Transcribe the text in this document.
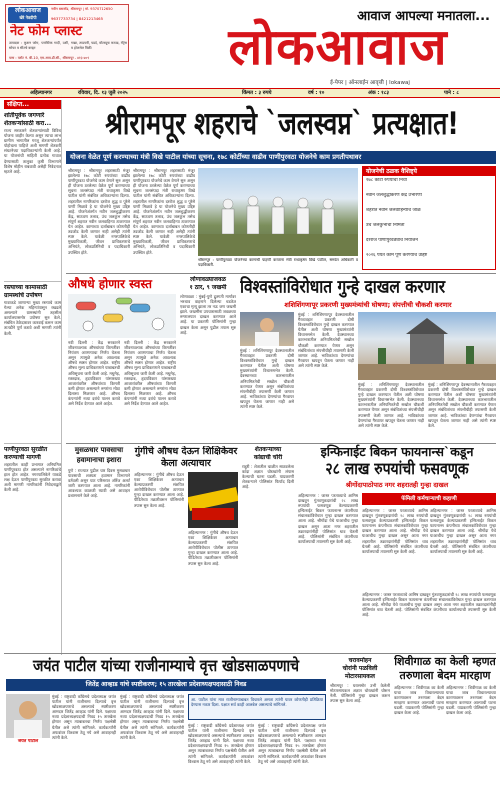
लोकआवाज
खेरे नेत्रदीपी
नवीन बसस्टँड, श्रीरामपूर | मो. 9370712650
9637733734 | 8421213465
नेट फोम प्लास्ट
उत्पादक : कुशन फोम, प्लास्टिक गादी, उशी, सोफा व सीटचे कव्हर
गाद्या, ताडपत्री, पडदे, वॉटरप्रूफ कापड, मॅट्रेस व होलसेल विक्री
पत्ता : प्लॉट नं. बी-10, एम.आय.डी.सी., श्रीरामपूर - ४१३ ७०९
आवाज आपल्या मनातला...
लोकआवाज
ई-पेपर | ऑनलाईन आवृत्ती | lokawaj
अहिल्यानगर	रविवार, दि. १३ जुलै २०२५	किंमत : ३ रुपये	वर्ष : १०	अंक : १८३	पाने : ८
संक्षिप्त...
शांतीपूर्वक जगणारे
शेतकऱ्यांसाठी करा...
राज्य सरकारने शेतकऱ्यांसाठी विविध योजना जाहीर केल्या असून त्याचा लाभ ग्रामीण भागातील गरजू शेतकऱ्यांपर्यंत पोहोचला पाहिजे अशी मागणी शेतकरी संघटनेच्या पदाधिकाऱ्यांनी केली आहे. या योजनांची माहिती प्रत्येक गावात देण्यासाठी तालुका कृषी विभागाने विशेष मोहीम राबवावी असेही निवेदनात म्हटले आहे.
रस्त्याच्या कामासाठी
ग्रामस्थांचे उपोषण
गावाकडे जाणाऱ्या मुख्य रस्त्याचे काम गेल्या अनेक महिन्यांपासून रखडले असल्याने ग्रामस्थांनी तहसील कार्यालयासमोर उपोषण सुरु केले. संबंधित ठेकेदारावर कारवाई करून काम तातडीने पूर्ण करावे अशी मागणी त्यांनी केली.
पाणीपुरवठा सुरळीत
करण्याची मागणी
शहरातील काही प्रभागात अनियमित पाणीपुरवठा होत असल्याने नागरिकांचे हाल होत आहेत. नगरपालिकेने याकडे लक्ष देऊन पाणीपुरवठा सुरळीत करावा अशी मागणी नागरिकांनी निवेदनाद्वारे केली आहे.
श्रीरामपूर शहराचे `जलस्वप्न` प्रत्यक्षात!
योजना वेळेत पूर्ण करण्याच्या मंत्री विखे पाटील यांच्या सूचना, १७८ कोटींच्या वाढीव पाणीपुरवठा योजनेचे काम प्रगतीपथावर
श्रीरामपूर : श्रीरामपूर शहरासाठी मंजूर झालेल्या १७८ कोटी रुपयांच्या वाढीव पाणीपुरवठा योजनेचे काम वेगाने सुरु असून ही योजना ठरलेल्या वेळेत पूर्ण करण्याच्या सूचना जलसंपदा मंत्री राधाकृष्ण विखे पाटील यांनी संबंधित अधिकाऱ्यांना दिल्या. शहरातील नागरिकांना दररोज शुद्ध व पुरेसे पाणी मिळावे हे या योजनेचे मुख्य उद्दिष्ट आहे. योजनेअंतर्गत नवीन जलशुद्धीकरण केंद्र, साठवण तलाव, उंच जलकुंभ तसेच संपूर्ण शहरात नवीन जलवाहिन्या टाकण्यात येत आहेत. कामाच्या दर्जाबाबत कोणतीही तडजोड केली जाणार नाही असेही त्यांनी स्पष्ट केले. यावेळी नगरपालिकेचे मुख्याधिकारी, जीवन प्राधिकरणाचे अभियंते, लोकप्रतिनिधी व पदाधिकारी उपस्थित होते.
श्रीरामपूर : श्रीरामपूर शहरासाठी मंजूर झालेल्या १७८ कोटी रुपयांच्या वाढीव पाणीपुरवठा योजनेचे काम वेगाने सुरु असून ही योजना ठरलेल्या वेळेत पूर्ण करण्याच्या सूचना जलसंपदा मंत्री राधाकृष्ण विखे पाटील यांनी संबंधित अधिकाऱ्यांना दिल्या. शहरातील नागरिकांना दररोज शुद्ध व पुरेसे पाणी मिळावे हे या योजनेचे मुख्य उद्दिष्ट आहे. योजनेअंतर्गत नवीन जलशुद्धीकरण केंद्र, साठवण तलाव, उंच जलकुंभ तसेच संपूर्ण शहरात नवीन जलवाहिन्या टाकण्यात येत आहेत. कामाच्या दर्जाबाबत कोणतीही तडजोड केली जाणार नाही असेही त्यांनी स्पष्ट केले. यावेळी नगरपालिकेचे मुख्याधिकारी, जीवन प्राधिकरणाचे अभियंते, लोकप्रतिनिधी व पदाधिकारी उपस्थित होते.
श्रीरामपूर : पाणीपुरवठा योजनेच्या कामाची पाहणी करताना मंत्री राधाकृष्ण विखे पाटील, समवेत अधिकारी व पदाधिकारी.
योजनेची ठळक वैशिष्ट्ये
१७८ कोटी रुपयांचा निधी
नवीन जलशुद्धीकरण केंद्र उभारणी
शहरात नवीन जलवाहिन्यांचे जाळे
उंच जलकुंभांची निर्मिती
दररोज पाणीपुरवठ्याचे नियोजन
२०२६ पर्यंत काम पूर्ण करण्याचे उद्दिष्ट
औषधे होणार स्वस्त
नवी दिल्ली : केंद्र सरकारने जीवनावश्यक औषधांच्या किमतींवर नियंत्रण आणण्याचा निर्णय घेतला असून त्यामुळे अनेक आवश्यक औषधे स्वस्त होणार आहेत. राष्ट्रीय औषध मूल्य प्राधिकरणाने याबाबतची अधिसूचना जारी केली आहे. मधुमेह, रक्तदाब, हृदयविकार यांसारख्या आजारांवरील औषधांच्या किमती कमी होणार असल्याने रुग्णांना मोठा दिलासा मिळणार आहे. औषध कंपन्यांनी नव्या दरांचे पालन करावे असे निर्देश देण्यात आले आहेत.
नवी दिल्ली : केंद्र सरकारने जीवनावश्यक औषधांच्या किमतींवर नियंत्रण आणण्याचा निर्णय घेतला असून त्यामुळे अनेक आवश्यक औषधे स्वस्त होणार आहेत. राष्ट्रीय औषध मूल्य प्राधिकरणाने याबाबतची अधिसूचना जारी केली आहे. मधुमेह, रक्तदाब, हृदयविकार यांसारख्या आजारांवरील औषधांच्या किमती कमी होणार असल्याने रुग्णांना मोठा दिलासा मिळणार आहे. औषध कंपन्यांनी नव्या दरांचे पालन करावे असे निर्देश देण्यात आले आहेत.
लोणावळ्याजवळ
१ ठार, ९ जखमी
लोणावळा : मुंबई-पुणे द्रुतगती मार्गावर भरधाव वाहनाने दिलेल्या धडकेत एकाचा मृत्यू झाला तर नऊ जण जखमी झाले. जखमींना उपचारासाठी जवळच्या रुग्णालयात दाखल करण्यात आले आहे. या प्रकरणी पोलिसांनी गुन्हा दाखल केला असून पुढील तपास सुरु आहे.
विश्वस्तांविरोधात गुन्हे दाखल करणार
शशिशिंगणापूर प्रकरणी मुख्यमंत्र्यांची घोषणा; संपत्तीची चौकशी करणार
मुंबई : शनिशिंगणापूर देवस्थानातील गैरव्यवहार प्रकरणी दोषी विश्वस्तांविरोधात गुन्हे दाखल करण्यात येतील अशी घोषणा मुख्यमंत्र्यांनी विधानसभेत केली. देवस्थानच्या कारभारातील अनियमिततेची सखोल चौकशी करण्यात येणार असून संबंधितांच्या संपत्तीचीही तपासणी केली जाणार आहे. भाविकांच्या देणग्यांचा गैरवापर खपवून घेतला जाणार नाही असे त्यांनी स्पष्ट केले.
मुंबई : शनिशिंगणापूर देवस्थानातील गैरव्यवहार प्रकरणी दोषी विश्वस्तांविरोधात गुन्हे दाखल करण्यात येतील अशी घोषणा मुख्यमंत्र्यांनी विधानसभेत केली. देवस्थानच्या कारभारातील अनियमिततेची सखोल चौकशी करण्यात येणार असून संबंधितांच्या संपत्तीचीही तपासणी केली जाणार आहे. भाविकांच्या देणग्यांचा गैरवापर खपवून घेतला जाणार नाही असे त्यांनी स्पष्ट केले.
मुंबई : शनिशिंगणापूर देवस्थानातील गैरव्यवहार प्रकरणी दोषी विश्वस्तांविरोधात गुन्हे दाखल करण्यात येतील अशी घोषणा मुख्यमंत्र्यांनी विधानसभेत केली. देवस्थानच्या कारभारातील अनियमिततेची सखोल चौकशी करण्यात येणार असून संबंधितांच्या संपत्तीचीही तपासणी केली जाणार आहे. भाविकांच्या देणग्यांचा गैरवापर खपवून घेतला जाणार नाही असे त्यांनी स्पष्ट केले.
मुंबई : शनिशिंगणापूर देवस्थानातील गैरव्यवहार प्रकरणी दोषी विश्वस्तांविरोधात गुन्हे दाखल करण्यात येतील अशी घोषणा मुख्यमंत्र्यांनी विधानसभेत केली. देवस्थानच्या कारभारातील अनियमिततेची सखोल चौकशी करण्यात येणार असून संबंधितांच्या संपत्तीचीही तपासणी केली जाणार आहे. भाविकांच्या देणग्यांचा गैरवापर खपवून घेतला जाणार नाही असे त्यांनी स्पष्ट केले.
मुसळधार पावसाचा हवामानाचा इशारा
पुणे : राज्यात पुढील चार दिवस मुसळधार पावसाची शक्यता हवामान विभागाने वर्तवली असून घाट परिसरात ऑरेंज अलर्ट जारी करण्यात आला आहे. नागरिकांनी आवश्यक काळजी घ्यावी असे आवाहन प्रशासनाने केले आहे.
गुंगीचे औषध देऊन शिक्षिकेवर केला अत्याचार
अहिल्यानगर : गुंगीचे औषध देऊन एका शिक्षिकेवर अत्याचार केल्याप्रकरणी संशयित आरोपीविरोधात पोलीस ठाण्यात गुन्हा दाखल करण्यात आला आहे. पीडितेच्या तक्रारीवरून पोलिसांनी तपास सुरु केला आहे.
अहिल्यानगर : गुंगीचे औषध देऊन एका शिक्षिकेवर अत्याचार केल्याप्रकरणी संशयित आरोपीविरोधात पोलीस ठाण्यात गुन्हा दाखल करण्यात आला आहे. पीडितेच्या तक्रारीवरून पोलिसांनी तपास सुरु केला आहे.
शेतकऱ्याच्या
कांद्याची चोरी
राहुरी : शेतातील चाळीत साठवलेला कांदा अज्ञात चोरट्यांनी लंपास केल्याची घटना घडली. याप्रकरणी शेतकऱ्याने पोलिसांत फिर्याद दिली आहे.
इन्फिनाईट बिकन फायनान्स`कडून
२८ लाख रुपयांची फसवणूक
श्रीगोंदापाठोपाठ नगर शहरातही गुन्हा दाखल
अहिल्यानगर : जास्त परताव्याचे आमिष दाखवून गुंतवणूकदारांची २८ लाख रुपयांची फसवणूक केल्याप्रकरणी इन्फिनाईट बिकन फायनान्स कंपनीच्या संचालकांविरोधात गुन्हा दाखल करण्यात आला आहे. श्रीगोंदा येथे याआधीच गुन्हा दाखल असून आता नगर शहरातील तक्रारदारांनीही पोलिसांत धाव घेतली आहे. पोलिसांनी संबंधित कंपनीच्या कार्यालयाची तपासणी सुरु केली आहे.
फॅमिली कर्मचाऱ्याची कहाणी
अहिल्यानगर : जास्त परताव्याचे आमिष दाखवून गुंतवणूकदारांची २८ लाख रुपयांची फसवणूक केल्याप्रकरणी इन्फिनाईट बिकन फायनान्स कंपनीच्या संचालकांविरोधात गुन्हा दाखल करण्यात आला आहे. श्रीगोंदा येथे याआधीच गुन्हा दाखल असून आता नगर शहरातील तक्रारदारांनीही पोलिसांत धाव घेतली आहे. पोलिसांनी संबंधित कंपनीच्या कार्यालयाची तपासणी सुरु केली आहे.
अहिल्यानगर : जास्त परताव्याचे आमिष दाखवून गुंतवणूकदारांची २८ लाख रुपयांची फसवणूक केल्याप्रकरणी इन्फिनाईट बिकन फायनान्स कंपनीच्या संचालकांविरोधात गुन्हा दाखल करण्यात आला आहे. श्रीगोंदा येथे याआधीच गुन्हा दाखल असून आता नगर शहरातील तक्रारदारांनीही पोलिसांत धाव घेतली आहे. पोलिसांनी संबंधित कंपनीच्या कार्यालयाची तपासणी सुरु केली आहे.
अहिल्यानगर : जास्त परताव्याचे आमिष दाखवून गुंतवणूकदारांची २८ लाख रुपयांची फसवणूक केल्याप्रकरणी इन्फिनाईट बिकन फायनान्स कंपनीच्या संचालकांविरोधात गुन्हा दाखल करण्यात आला आहे. श्रीगोंदा येथे याआधीच गुन्हा दाखल असून आता नगर शहरातील तक्रारदारांनीही पोलिसांत धाव घेतली आहे. पोलिसांनी संबंधित कंपनीच्या कार्यालयाची तपासणी सुरु केली आहे.
जयंत पाटील यांच्या राजीनाम्याचे वृत्त खोडसाळपणाचे
जितेंद्र आव्हाड यांचे स्पष्टीकरण; १५ तारखेला प्रदेशाध्यक्षपदासाठी निवड
जयंत पाटील
मुंबई : राष्ट्रवादी काँग्रेसचे प्रदेशाध्यक्ष जयंत पाटील यांनी राजीनामा दिल्याचे वृत्त खोडसाळपणाचे असल्याचे स्पष्टीकरण आमदार जितेंद्र आव्हाड यांनी दिले. पक्षाच्या नव्या प्रदेशाध्यक्षपदाची निवड १५ तारखेला होणार असून त्याबाबतचा निर्णय पक्षश्रेष्ठी घेतील असे त्यांनी सांगितले. कार्यकर्त्यांनी अफवांवर विश्वास ठेवू नये असे आवाहनही त्यांनी केले.
मुंबई : राष्ट्रवादी काँग्रेसचे प्रदेशाध्यक्ष जयंत पाटील यांनी राजीनामा दिल्याचे वृत्त खोडसाळपणाचे असल्याचे स्पष्टीकरण आमदार जितेंद्र आव्हाड यांनी दिले. पक्षाच्या नव्या प्रदेशाध्यक्षपदाची निवड १५ तारखेला होणार असून त्याबाबतचा निर्णय पक्षश्रेष्ठी घेतील असे त्यांनी सांगितले. कार्यकर्त्यांनी अफवांवर विश्वास ठेवू नये असे आवाहनही त्यांनी केले.
आ. पाटील यांना मात्र राजीनाम्याबाबत विचारले असता त्यांनी यावर कोणतीही प्रतिक्रिया देण्यास नकार दिला. पक्षात सर्व काही आलबेल असल्याचे सांगितले.
मुंबई : राष्ट्रवादी काँग्रेसचे प्रदेशाध्यक्ष जयंत पाटील यांनी राजीनामा दिल्याचे वृत्त खोडसाळपणाचे असल्याचे स्पष्टीकरण आमदार जितेंद्र आव्हाड यांनी दिले. पक्षाच्या नव्या प्रदेशाध्यक्षपदाची निवड १५ तारखेला होणार असून त्याबाबतचा निर्णय पक्षश्रेष्ठी घेतील असे त्यांनी सांगितले. कार्यकर्त्यांनी अफवांवर विश्वास ठेवू नये असे आवाहनही त्यांनी केले.
मुंबई : राष्ट्रवादी काँग्रेसचे प्रदेशाध्यक्ष जयंत पाटील यांनी राजीनामा दिल्याचे वृत्त खोडसाळपणाचे असल्याचे स्पष्टीकरण आमदार जितेंद्र आव्हाड यांनी दिले. पक्षाच्या नव्या प्रदेशाध्यक्षपदाची निवड १५ तारखेला होणार असून त्याबाबतचा निर्णय पक्षश्रेष्ठी घेतील असे त्यांनी सांगितले. कार्यकर्त्यांनी अफवांवर विश्वास ठेवू नये असे आवाहनही त्यांनी केले.
चरावमोहन
चोरांनी पळविली मोटारसायकल
श्रीरामपूर : घरासमोर उभी केलेली मोटारसायकल अज्ञात चोरट्यांनी चोरून नेली. पोलिसांनी गुन्हा दाखल करून तपास सुरु केला आहे.
शिवीगाळ का केली म्हणत तरुणाला बेदम मारहाण
अहिल्यानगर : शिवीगाळ का केली याचा जाब विचारल्याच्या कारणावरून तरुणाला बेदम मारहाण करण्यात आल्याची घटना घडली. याप्रकरणी पोलिसांनी गुन्हा दाखल केला आहे.
अहिल्यानगर : शिवीगाळ का केली याचा जाब विचारल्याच्या कारणावरून तरुणाला बेदम मारहाण करण्यात आल्याची घटना घडली. याप्रकरणी पोलिसांनी गुन्हा दाखल केला आहे.
